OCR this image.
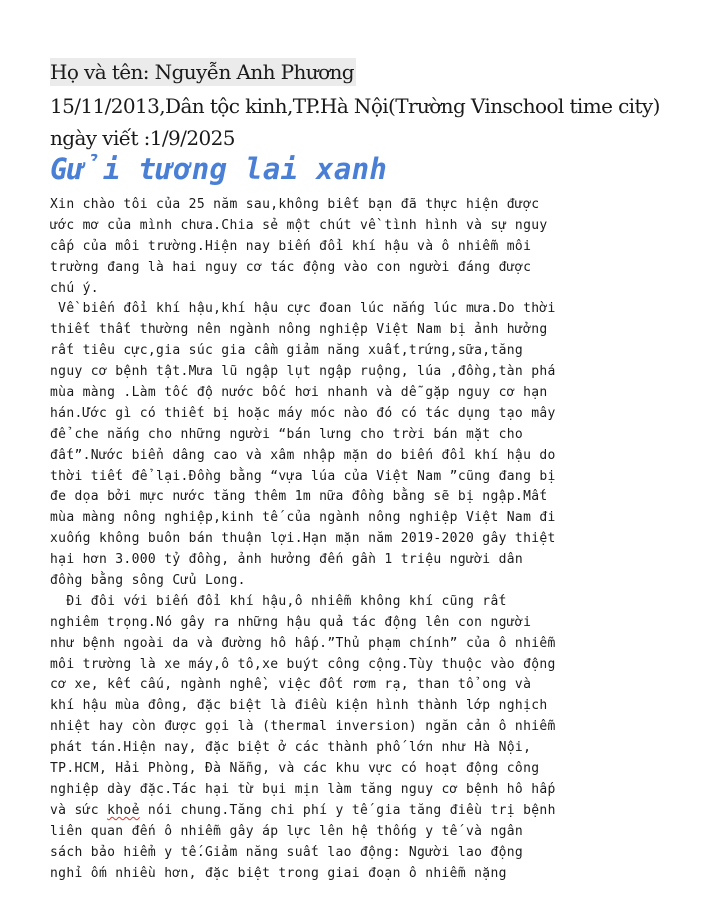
Họ và tên: Nguyễn Anh Phương
15/11/2013,Dân tộc kinh,TP.Hà Nội(Trường Vinschool time city)
ngày viết :1/9/2025
Gửi tương lai xanh
Xin chào tôi của 25 năm sau,không biết bạn đã thực hiện được
ước mơ của mình chưa.Chia sẻ một chút về tình hình và sự nguy
cấp của môi trường.Hiện nay biến đổi khí hậu và ô nhiễm môi
trường đang là hai nguy cơ tác động vào con người đáng được
chú ý.
Về biến đổi khí hậu,khí hậu cực đoan lúc nắng lúc mưa.Do thời
thiết thất thường nên ngành nông nghiệp Việt Nam bị ảnh hưởng
rất tiêu cực,gia súc gia cầm giảm năng xuất,trứng,sữa,tăng
nguy cơ bệnh tật.Mưa lũ ngập lụt ngập ruộng, lúa ,đồng,tàn phá
mùa màng .Làm tốc độ nước bốc hơi nhanh và dễ gặp nguy cơ hạn
hán.Ước gì có thiết bị hoặc máy móc nào đó có tác dụng tạo mây
để che nắng cho những người “bán lưng cho trời bán mặt cho
đất”.Nước biển dâng cao và xâm nhập mặn do biến đổi khí hậu do
thời tiết để lại.Đồng bằng “vựa lúa của Việt Nam ”cũng đang bị
đe dọa bởi mực nước tăng thêm 1m nữa đồng bằng sẽ bị ngập.Mất
mùa màng nông nghiệp,kinh tế của ngành nông nghiệp Việt Nam đi
xuống không buôn bán thuận lợi.Hạn mặn năm 2019-2020 gây thiệt
hại hơn 3.000 tỷ đồng, ảnh hưởng đến gần 1 triệu người dân
đồng bằng sông Cửu Long.
Đi đôi với biến đổi khí hậu,ô nhiễm không khí cũng rất
nghiêm trọng.Nó gây ra những hậu quả tác động lên con người
như bệnh ngoài da và đường hô hấp.”Thủ phạm chính” của ô nhiễm
môi trường là xe máy,ô tô,xe buýt công cộng.Tùy thuộc vào động
cơ xe, kết cấu, ngành nghề, việc đốt rơm rạ, than tổ ong và
khí hậu mùa đông, đặc biệt là điều kiện hình thành lớp nghịch
nhiệt hay còn được gọi là (thermal inversion) ngăn cản ô nhiễm
phát tán.Hiện nay, đặc biệt ở các thành phố lớn như Hà Nội,
TP.HCM, Hải Phòng, Đà Nẵng, và các khu vực có hoạt động công
nghiệp dày đặc.Tác hại từ bụi mịn làm tăng nguy cơ bệnh hô hấp
và sức khoẻ nói chung.Tăng chi phí y tế gia tăng điều trị bệnh
liên quan đến ô nhiễm gây áp lực lên hệ thống y tế và ngân
sách bảo hiểm y tế.Giảm năng suất lao động: Người lao động
nghỉ ốm nhiều hơn, đặc biệt trong giai đoạn ô nhiễm nặng
